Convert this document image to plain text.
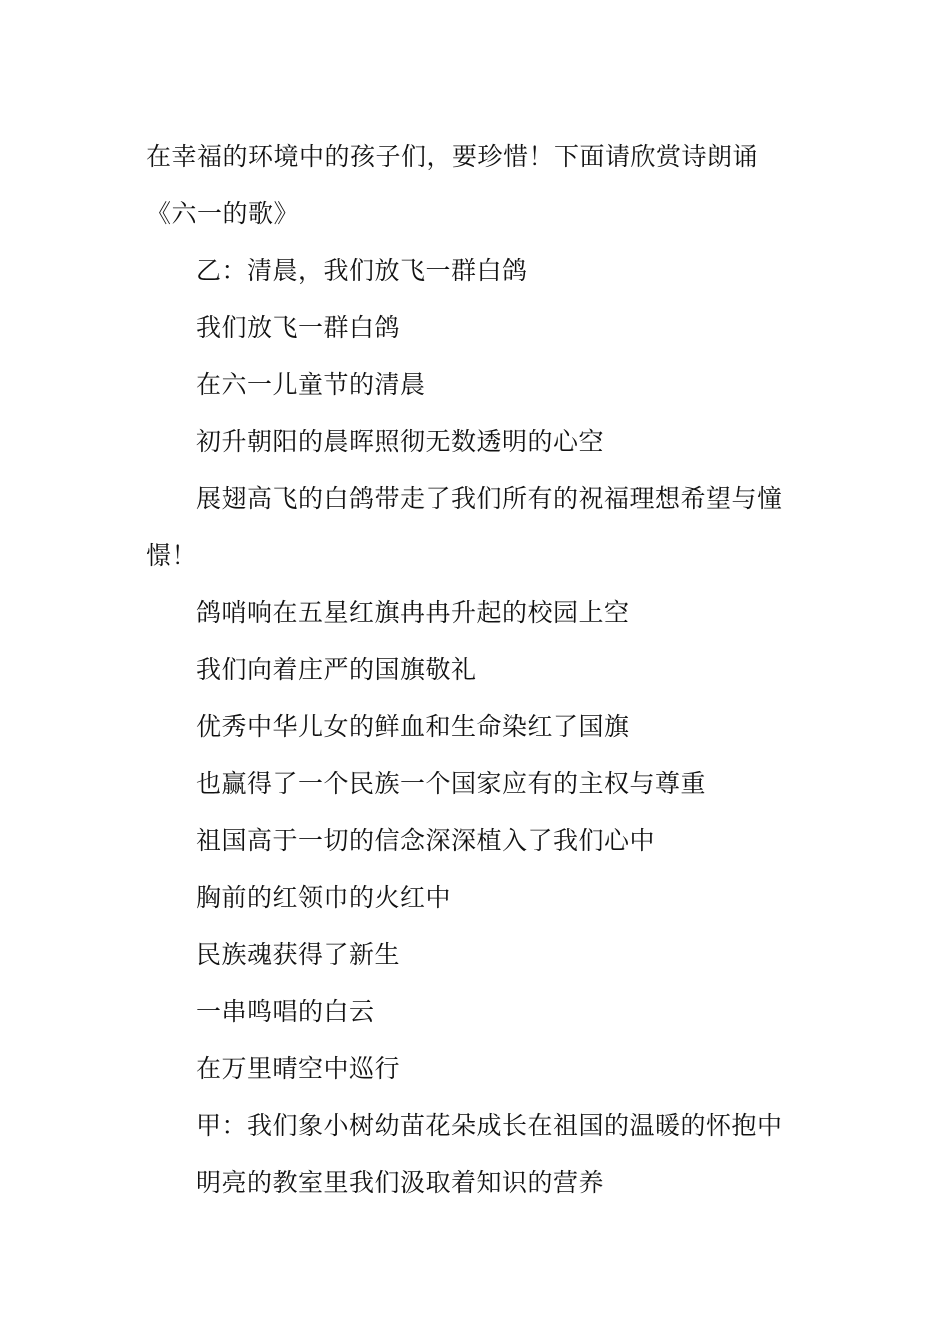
在幸福的环境中的孩子们，要珍惜！下面请欣赏诗朗诵
《六一的歌》
乙：清晨，我们放飞一群白鸽
我们放飞一群白鸽
在六一儿童节的清晨
初升朝阳的晨晖照彻无数透明的心空
展翅高飞的白鸽带走了我们所有的祝福理想希望与憧
憬！
鸽哨响在五星红旗冉冉升起的校园上空
我们向着庄严的国旗敬礼
优秀中华儿女的鲜血和生命染红了国旗
也赢得了一个民族一个国家应有的主权与尊重
祖国高于一切的信念深深植入了我们心中
胸前的红领巾的火红中
民族魂获得了新生
一串鸣唱的白云
在万里晴空中巡行
甲：我们象小树幼苗花朵成长在祖国的温暖的怀抱中
明亮的教室里我们汲取着知识的营养
